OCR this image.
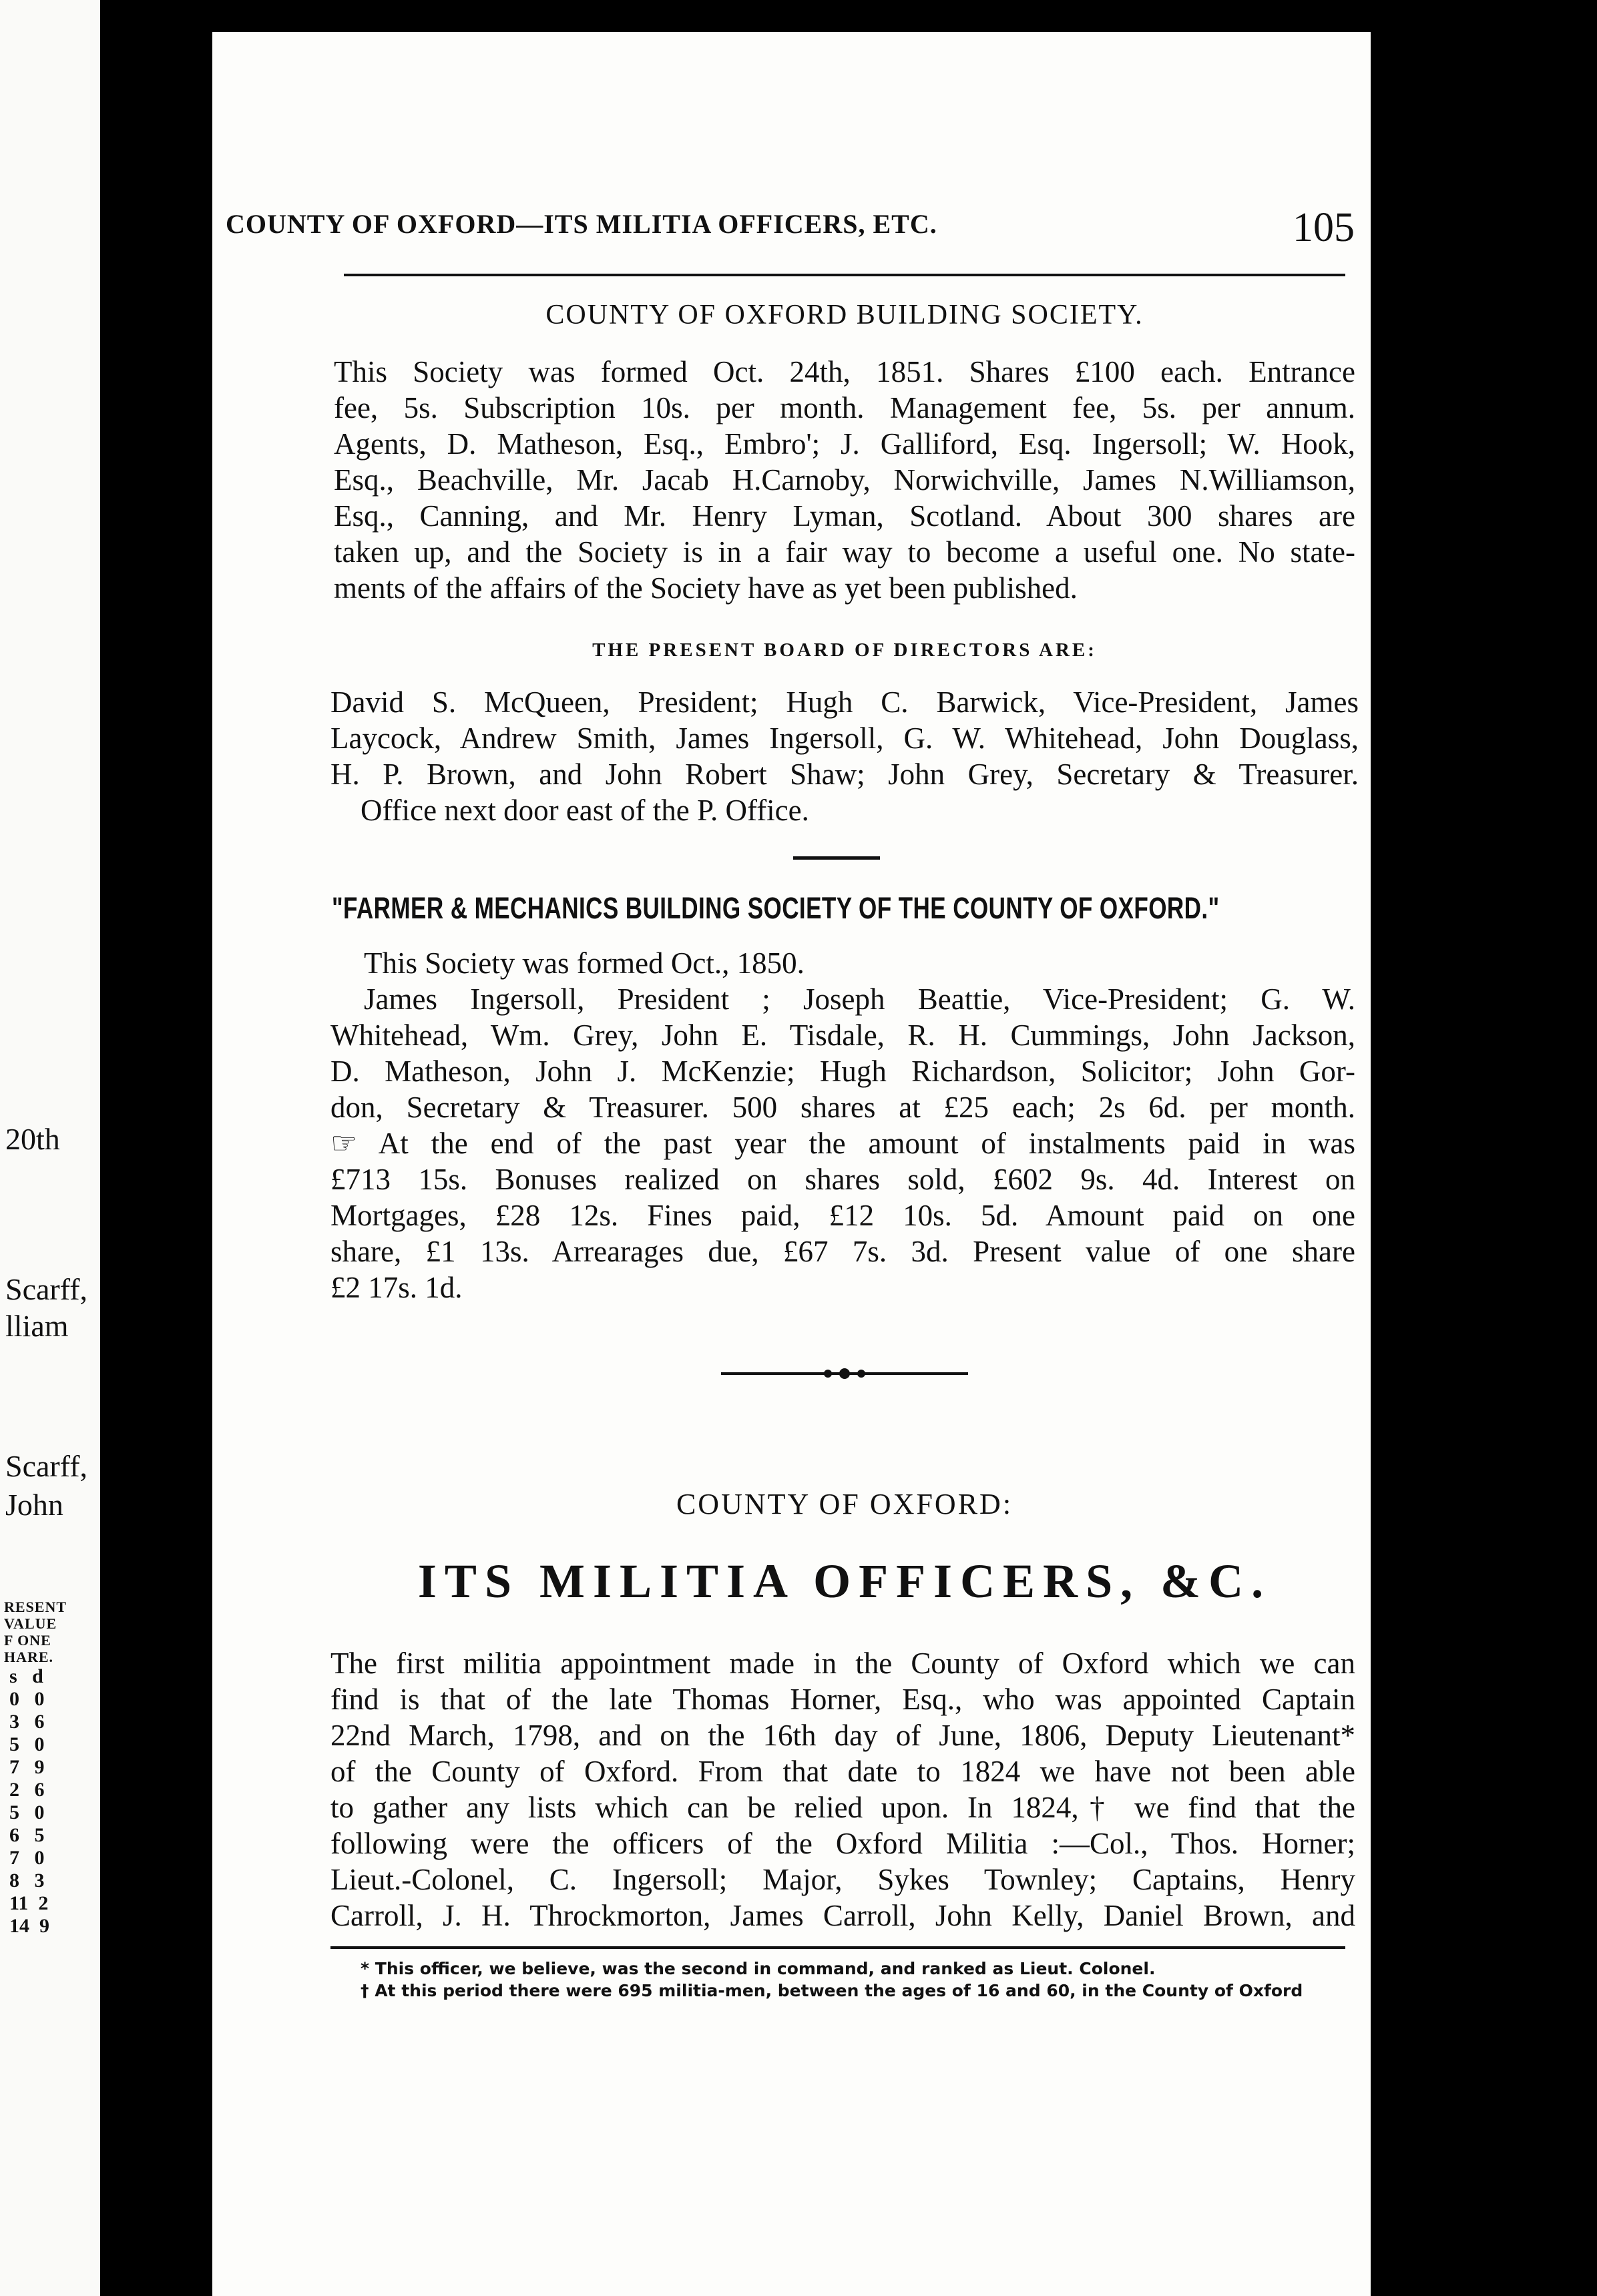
20th
Scarff,
lliam
Scarff,
John
RESENT
VALUE
F ONE
HARE.
s   d
0   0
3   6
5   0
7   9
2   6
5   0
6   5
7   0
8   3
11  2
14  9
COUNTY OF OXFORD—ITS MILITIA OFFICERS, ETC.	105
COUNTY OF OXFORD BUILDING SOCIETY.
This Society was formed Oct. 24th, 1851. Shares £100 each. Entrance
fee, 5s. Subscription 10s. per month. Management fee, 5s. per annum.
Agents, D. Matheson, Esq., Embro'; J. Galliford, Esq. Ingersoll; W. Hook,
Esq., Beachville, Mr. Jacab H.Carnoby, Norwichville, James N.Williamson,
Esq., Canning, and Mr. Henry Lyman, Scotland. About 300 shares are
taken up, and the Society is in a fair way to become a useful one. No state-
ments of the affairs of the Society have as yet been published.
THE PRESENT BOARD OF DIRECTORS ARE:
David S. McQueen, President; Hugh C. Barwick, Vice-President, James
Laycock, Andrew Smith, James Ingersoll, G. W. Whitehead, John Douglass,
H. P. Brown, and John Robert Shaw; John Grey, Secretary & Treasurer.
Office next door east of the P. Office.
"FARMER & MECHANICS BUILDING SOCIETY OF THE COUNTY OF OXFORD."
This Society was formed Oct., 1850.
James Ingersoll, President ; Joseph Beattie, Vice-President; G. W.
Whitehead, Wm. Grey, John E. Tisdale, R. H. Cummings, John Jackson,
D. Matheson, John J. McKenzie; Hugh Richardson, Solicitor; John Gor-
don, Secretary & Treasurer. 500 shares at £25 each; 2s 6d. per month.
☞ At the end of the past year the amount of instalments paid in was
£713 15s. Bonuses realized on shares sold, £602 9s. 4d. Interest on
Mortgages, £28 12s. Fines paid, £12 10s. 5d. Amount paid on one
share, £1 13s. Arrearages due, £67 7s. 3d. Present value of one share
£2 17s. 1d.
COUNTY OF OXFORD:
ITS MILITIA OFFICERS, &C.
The first militia appointment made in the County of Oxford which we can
find is that of the late Thomas Horner, Esq., who was appointed Captain
22nd March, 1798, and on the 16th day of June, 1806, Deputy Lieutenant*
of the County of Oxford. From that date to 1824 we have not been able
to gather any lists which can be relied upon. In 1824,† we find that the
following were the officers of the Oxford Militia :—Col., Thos. Horner;
Lieut.-Colonel, C. Ingersoll; Major, Sykes Townley; Captains, Henry
Carroll, J. H. Throckmorton, James Carroll, John Kelly, Daniel Brown, and
* This officer, we believe, was the second in command, and ranked as Lieut. Colonel.
† At this period there were 695 militia-men, between the ages of 16 and 60, in the County of Oxford
